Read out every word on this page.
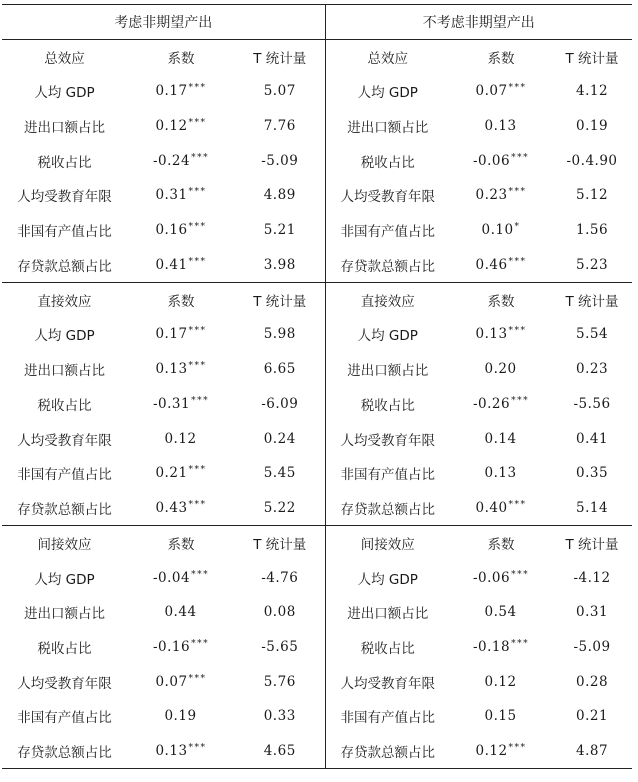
考虑非期望产出			不考虑非期望产出		
总效应	系数	T 统计量	总效应	系数	T 统计量
人均 GDP	0.17***	5.07	人均 GDP	0.07***	4.12
进出口额占比	0.12***	7.76	进出口额占比	0.13	0.19
税收占比	-0.24***	-5.09	税收占比	-0.06***	-0.4.90
人均受教育年限	0.31***	4.89	人均受教育年限	0.23***	5.12
非国有产值占比	0.16***	5.21	非国有产值占比	0.10*	1.56
存贷款总额占比	0.41***	3.98	存贷款总额占比	0.46***	5.23
直接效应	系数	T 统计量	直接效应	系数	T 统计量
人均 GDP	0.17***	5.98	人均 GDP	0.13***	5.54
进出口额占比	0.13***	6.65	进出口额占比	0.20	0.23
税收占比	-0.31***	-6.09	税收占比	-0.26***	-5.56
人均受教育年限	0.12	0.24	人均受教育年限	0.14	0.41
非国有产值占比	0.21***	5.45	非国有产值占比	0.13	0.35
存贷款总额占比	0.43***	5.22	存贷款总额占比	0.40***	5.14
间接效应	系数	T 统计量	间接效应	系数	T 统计量
人均 GDP	-0.04***	-4.76	人均 GDP	-0.06***	-4.12
进出口额占比	0.44	0.08	进出口额占比	0.54	0.31
税收占比	-0.16***	-5.65	税收占比	-0.18***	-5.09
人均受教育年限	0.07***	5.76	人均受教育年限	0.12	0.28
非国有产值占比	0.19	0.33	非国有产值占比	0.15	0.21
存贷款总额占比	0.13***	4.65	存贷款总额占比	0.12***	4.87
